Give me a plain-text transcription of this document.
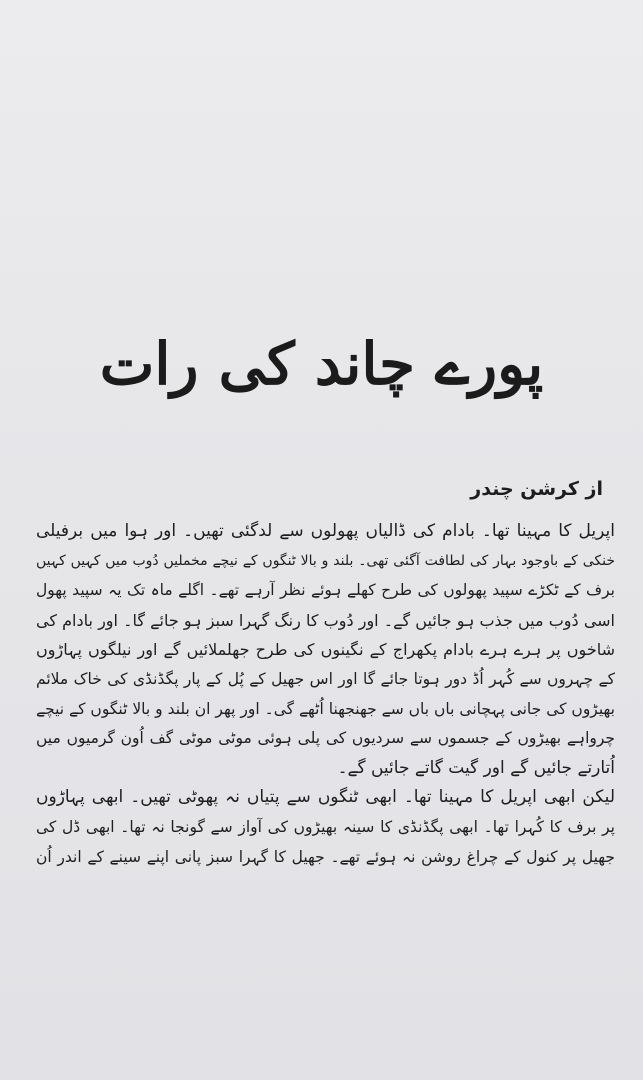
پورے چاند کی رات
از کرشن چندر
اپریل کا مہینا تھا۔ بادام کی ڈالیاں پھولوں سے لدگئی تھیں۔ اور ہوا میں برفیلی
خنکی کے باوجود بہار کی لطافت آگئی تھی۔ بلند و بالا ٹنگوں کے نیچے مخملیں دُوب میں کہیں کہیں
برف کے ٹکڑے سپید پھولوں کی طرح کھلے ہوئے نظر آرہے تھے۔ اگلے ماہ تک یہ سپید پھول
اسی دُوب میں جذب ہو جائیں گے۔ اور دُوب کا رنگ گہرا سبز ہو جائے گا۔ اور بادام کی
شاخوں پر ہرے ہرے بادام پکھراج کے نگینوں کی طرح جھلملائیں گے اور نیلگوں پہاڑوں
کے چہروں سے کُہر اُڈ دور ہوتا جائے گا اور اس جھیل کے پُل کے پار پگڈنڈی کی خاک ملائم
بھیڑوں کی جانی پہچانی باں باں سے جھنجھنا اُٹھے گی۔ اور پھر ان بلند و بالا ٹنگوں کے نیچے
چرواہے بھیڑوں کے جسموں سے سردیوں کی پلی ہوئی موٹی موٹی گف اُون گرمیوں میں
اُتارتے جائیں گے اور گیت گاتے جائیں گے۔
لیکن ابھی اپریل کا مہینا تھا۔ ابھی ٹنگوں سے پتیاں نہ پھوٹی تھیں۔ ابھی پہاڑوں
پر برف کا کُہرا تھا۔ ابھی پگڈنڈی کا سینہ بھیڑوں کی آواز سے گونجا نہ تھا۔ ابھی ڈل کی
جھیل پر کنول کے چراغ روشن نہ ہوئے تھے۔ جھیل کا گہرا سبز پانی اپنے سینے کے اندر اُن
